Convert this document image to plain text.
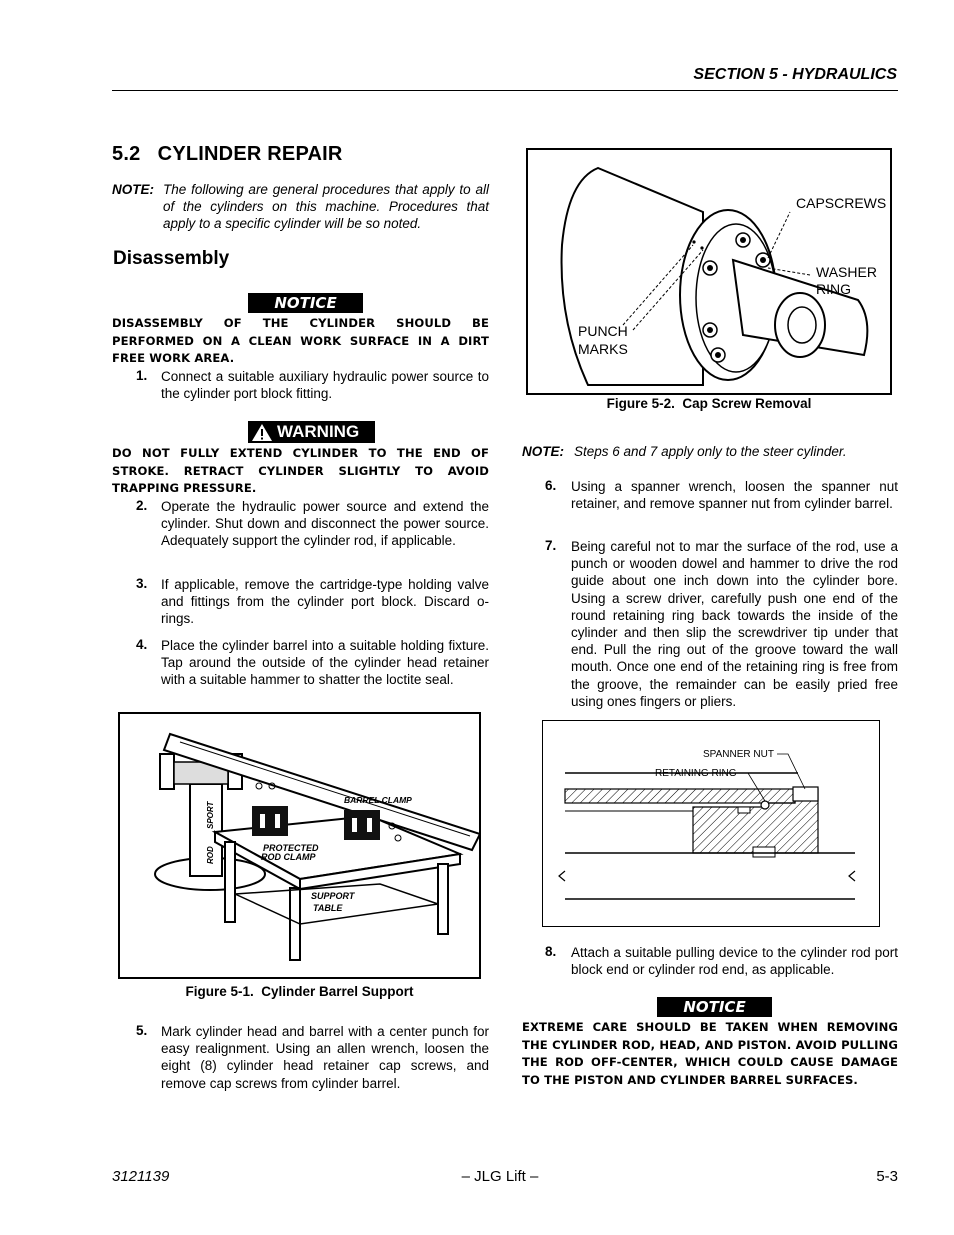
SECTION 5 - HYDRAULICS
5.2   CYLINDER REPAIR
NOTE: The following are general procedures that apply to all of the cylinders on this machine. Procedures that apply to a specific cylinder will be so noted.
Disassembly
NOTICE
DISASSEMBLY OF THE CYLINDER SHOULD BE PERFORMED ON A CLEAN WORK SURFACE IN A DIRT FREE WORK AREA.
1. Connect a suitable auxiliary hydraulic power source to the cylinder port block fitting.
WARNING
DO NOT FULLY EXTEND CYLINDER TO THE END OF STROKE. RETRACT CYLINDER SLIGHTLY TO AVOID TRAPPING PRESSURE.
2. Operate the hydraulic power source and extend the cylinder. Shut down and disconnect the power source. Adequately support the cylinder rod, if applicable.
3. If applicable, remove the cartridge-type holding valve and fittings from the cylinder port block. Discard o-rings.
4. Place the cylinder barrel into a suitable holding fixture. Tap around the outside of the cylinder head retainer with a suitable hammer to shatter the loctite seal.
BARREL CLAMP
PROTECTED
ROD CLAMP
SUPPORT
TABLE
ROD
SPORT
Figure 5-1.  Cylinder Barrel Support
5. Mark cylinder head and barrel with a center punch for easy realignment. Using an allen wrench, loosen the eight (8) cylinder head retainer cap screws, and remove cap screws from cylinder barrel.
CAPSCREWS
WASHER
RING
PUNCH
MARKS
Figure 5-2.  Cap Screw Removal
NOTE: Steps 6 and 7 apply only to the steer cylinder.
6. Using a spanner wrench, loosen the spanner nut retainer, and remove spanner nut from cylinder barrel.
7. Being careful not to mar the surface of the rod, use a punch or wooden dowel and hammer to drive the rod guide about one inch down into the cylinder bore. Using a screw driver, carefully push one end of the round retaining ring back towards the inside of the cylinder and then slip the screwdriver tip under that end. Pull the ring out of the groove toward the wall mouth. Once one end of the retaining ring is free from the groove, the remainder can be easily pried free using ones fingers or pliers.
SPANNER NUT
RETAINING RING
8. Attach a suitable pulling device to the cylinder rod port block end or cylinder rod end, as applicable.
NOTICE
EXTREME CARE SHOULD BE TAKEN WHEN REMOVING THE CYLINDER ROD, HEAD, AND PISTON. AVOID PULLING THE ROD OFF-CENTER, WHICH COULD CAUSE DAMAGE TO THE PISTON AND CYLINDER BARREL SURFACES.
3121139	– JLG Lift –	5-3
